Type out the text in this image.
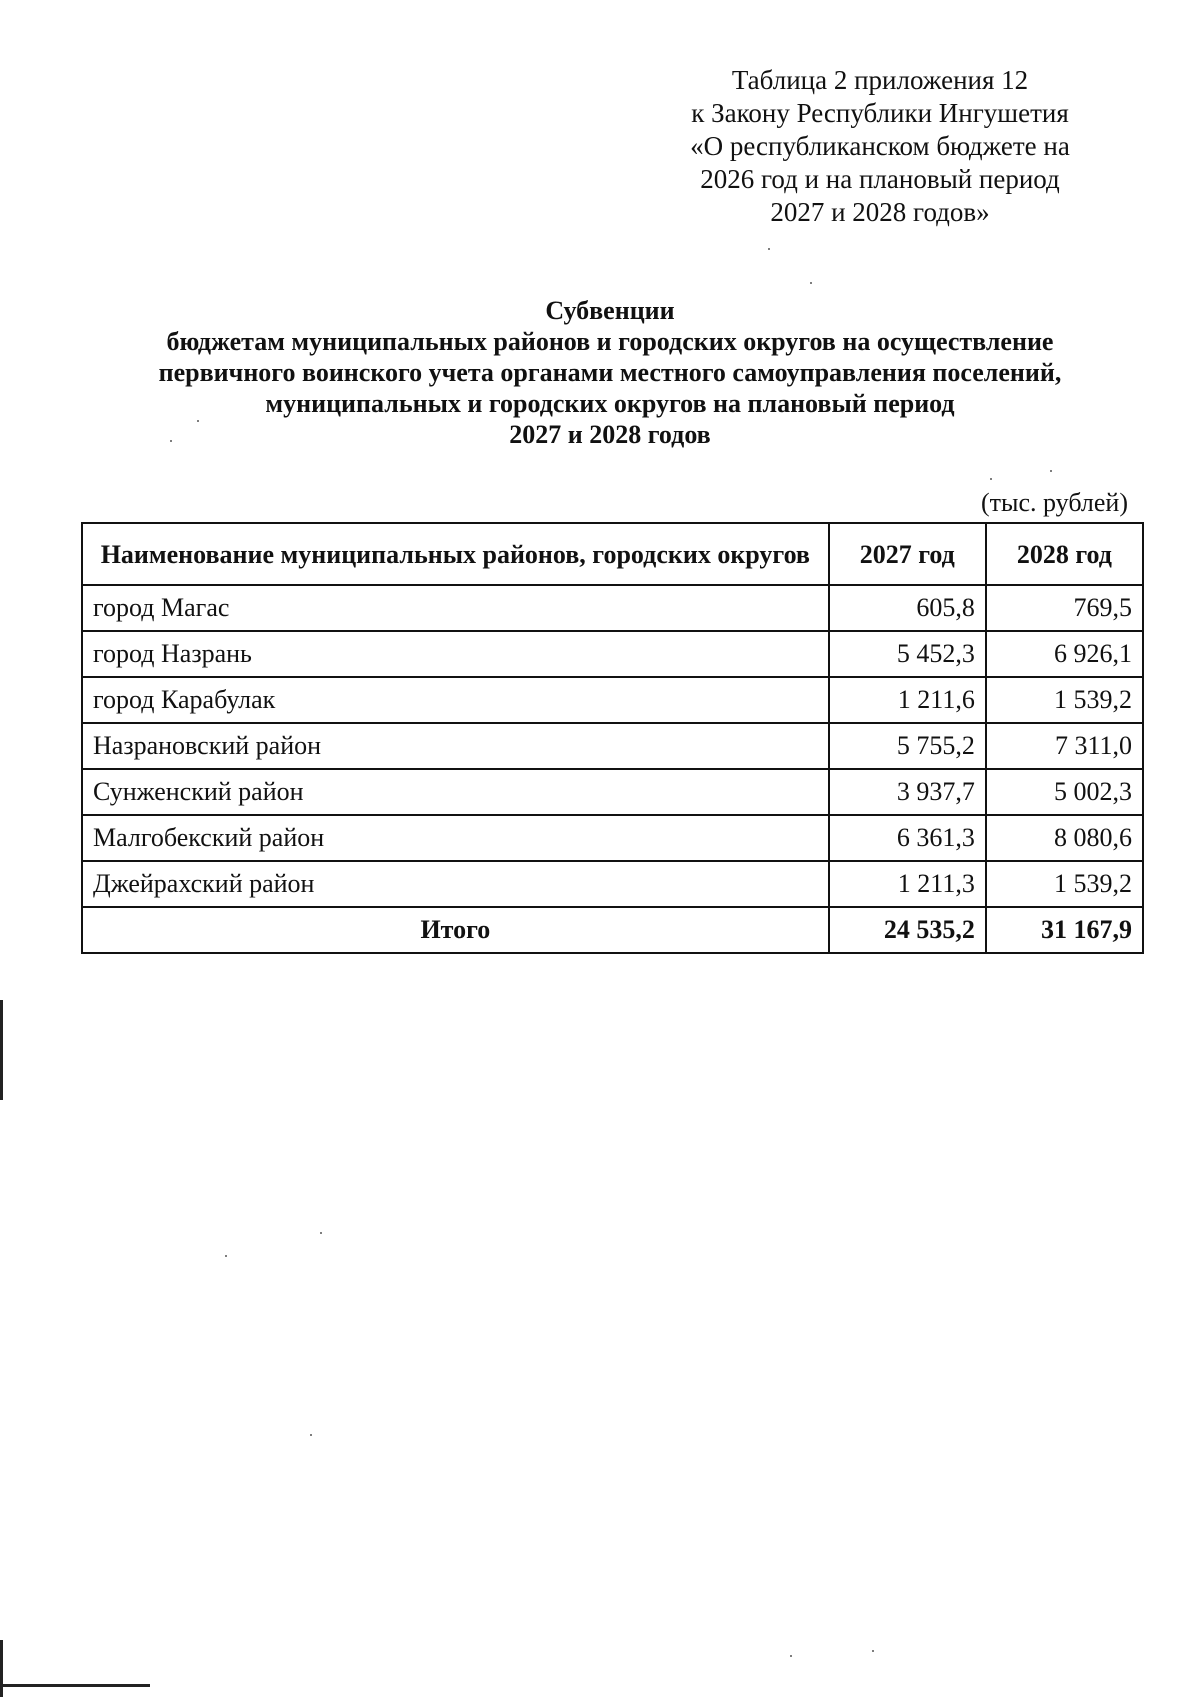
Таблица 2 приложения 12
к Закону Республики Ингушетия
«О республиканском бюджете на
2026 год и на плановый период
2027 и 2028 годов»
Субвенции
бюджетам муниципальных районов и городских округов на осуществление
первичного воинского учета органами местного самоуправления поселений,
муниципальных и городских округов на плановый период
2027 и 2028 годов
(тыс. рублей)
Наименование муниципальных районов, городских округов	2027 год	2028 год
город Магас	605,8	769,5
город Назрань	5 452,3	6 926,1
город Карабулак	1 211,6	1 539,2
Назрановский район	5 755,2	7 311,0
Сунженский район	3 937,7	5 002,3
Малгобекский район	6 361,3	8 080,6
Джейрахский район	1 211,3	1 539,2
Итого	24 535,2	31 167,9
